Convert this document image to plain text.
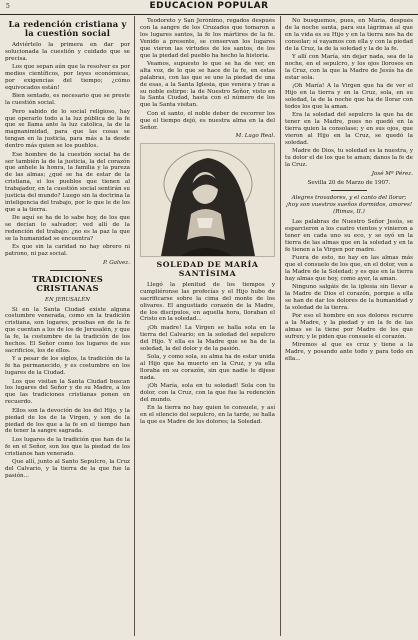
5	EDUCACION POPULAR
La redención cristiana y la cuestión social

Adviértelo la primera en dar por solucionada la cuestión y cuidado que se precisa.

Los que sepan aún que la resolver es por medios científicos, por leyes económicas, por exigencias del tiempo; ¿cómo equivocados están!

Bien sentado, es necesario que se preste la cuestión social.

Pero sabido de lo social religioso, hay que operarlo todo a la luz pública de la fe que se llama ante la luz católica, la de la magnanimidad, para que las cosas se tengan en la justicia, para más a la desde dentro más quien se los pueblos.

Ese hombre de la cuestión social ha de ser también la de la justicia, la del corazón que anhele la honra, la familia y la pureza de las almas; ¿qué se ha de estar de la cristiana, si los pueblos que tienen al trabajador, en la cuestión social sentirán su justicia del mundo? Luego sin la doctrina la inteligencia del trabajo, por lo que le de los que a la tierra.

De aquí se ha de lo sabe hoy, de los que se decían lo salvador; ved allí de la redención del trabajo: ¿no es la paz la que se la humanidad se encuentra?

Es que sin la caridad no hay obrero ni patrono, ni paz social.

P. Galvez.

TRADICIONES CRISTIANAS
EN JERUSALÉN

Si en la Santa Ciudad existe alguna costumbre venerada, como en la tradición cristiana, son lugares, pruebas en de la fe que cuentan a los de los de Jerusalén, y que la fe, la costumbre de la tradición de los hechos. El Señor como los lugares de sus sacrificios, los de ellos.

Y a pesar de los siglos, la tradición de la fe ha permanecido, y es costumbre en los lugares de la Ciudad.

Los que visitan la Santa Ciudad buscan los lugares del Señor y de su Madre, a los que las tradiciones cristianas ponen en recuerdo.

Ellos son la devoción de los del Hijo, y la piedad de los de la Virgen, y son de la piedad de los que a la fe en el tiempo han de tener la sangre sagrada.

Los lugares de la tradición que han de la fe en el Señor, son los que la piedad de los cristianos han venerado.

Que allí, junto al Santo Sepulcro, la Cruz del Calvario, y la tierra de la que fue la pasión...

Teodoreto y San Jerónimo, regados después con la sangre de los Cruzados que tomaron a los lugares santos, la fe los mártires de la fe. Venido a presente, se conservan los lugares que vieron las virtudes de los santos, de los que la piedad del pueblo ha hecho la historia.

Veamos, supuesto lo que se ha de ver, en alta voz, de lo que se hace de la fe, en estas palabras, con las que se une la piedad de una de esas, a la Santa Iglesia, que venera y trae a su noble estirpe: la de Nuestro Señor, visto en la Santa Ciudad, hasta con el número de los que la Santa visitan.

Con el santo, el noble deber de recorrer los que el tiempo dejó, es nuestra alma en la del Señor.

M. Lago Real.

SOLEDAD DE MARÍA SANTÍSIMA

Llegó la plenitud de los tiempos y cumpliéronse las profecías y el Hijo hubo de sacrificarse sobre la cima del monte de los olivares. El angustiado corazón de la Madre, de los discípulos, en aquella hora, lloraban el Cristo en la soledad...

¡Oh madre! La Virgen se halla sola en la tierra del Calvario; en la soledad del sepulcro del Hijo. Y ella es la Madre que se ha de la soledad, la del dolor y de la pasión.

Sola, y como sola, su alma ha de estar unida al Hijo que ha muerto en la Cruz, y ya ella lloraba en su corazón, sin que nadie le dijese nada.

¡Oh María, sola en tu soledad! Sola con tu dolor, con la Cruz, con la que fue la redención del mundo.

En la tierra no hay quien te consuele, y así en el silencio del sepulcro, en la tarde, se halla la que es Madre de los dolores; la Soledad.

No busquemos, pues, en María, después de la noche santa, para sus lágrimas al que en la vida es su Hijo y en la tierra nos ha de consolar; sí vayamos con ella y con la piedad de la Cruz, la de la soledad y la de la fe.

Y allí con María, sin dejar nada, sea de la noche, en el sepulcro, y los ojos llorosos en la Cruz, con la que la Madre de Jesús ha de estar sola.

¡Oh María! A la Virgen que ha de ver el Hijo en la tierra y en la Cruz, sola, en su soledad, la de la noche que ha de llorar con todos los que la aman.

Era la soledad del sepulcro la que ha de tener en la Madre, pues no quedó en la tierra quien la consolase; y en sus ojos, que vieron al Hijo en la Cruz, se quedó la soledad.

Madre de Dios, tu soledad es la nuestra, y tu dolor el de los que te aman; danos la fe de la Cruz.

José Mª Pérez.

Sevilla 20 de Marzo de 1907.

Alegres trovadores, y el canto del llorar;

¡hoy son vuestros sueños dormidos, amores!

(Rimas, II.)

Las palabras de Nuestro Señor Jesús, se esparcieron a los cuatro vientos y vinieron a tener en cada uno su eco, y se oyó en la tierra de las almas que en la soledad y en la fe tienen a la Virgen por madre.

Fuera de esto, no hay en las almas más que el consuelo de los que, en el dolor, ven a la Madre de la Soledad; y es que en la tierra hay almas que hoy, como ayer, la aman.

Ninguno salgáis de la iglesia sin llevar a la Madre de Dios el corazón, porque a ella se han de dar los dolores de la humanidad y la soledad de la tierra.

Por eso el hombre en sus dolores recurre a la Madre, y la piedad y en la fe de las almas se la tiene por Madre de los que sufren; y le piden que consuele el corazón.

Miremos al que es cruz y tiene a la Madre, y posando ante todo y para todo en ella...
